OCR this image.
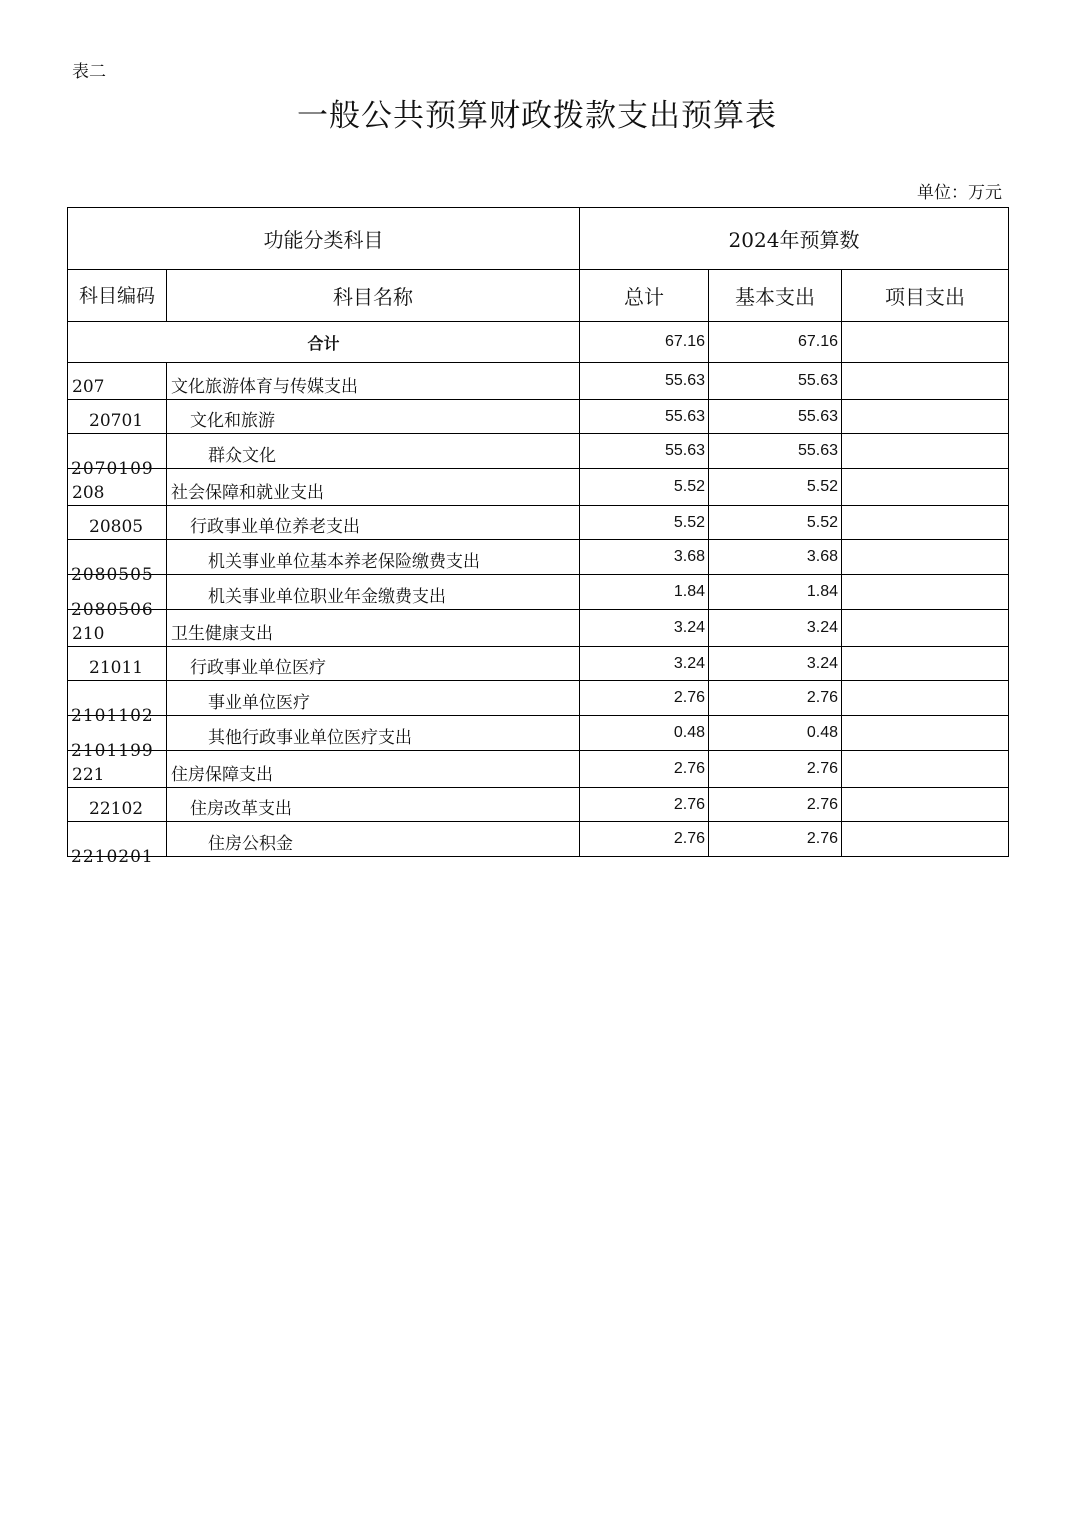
表二
一般公共预算财政拨款支出预算表
单位：万元
功能分类科目		2024年预算数		
科目编码	科目名称	总计	基本支出	项目支出
合计		67.16	67.16	
207	文化旅游体育与传媒支出	55.63	55.63	
20701	文化和旅游	55.63	55.63	
2070109	群众文化	55.63	55.63	
208	社会保障和就业支出	5.52	5.52	
20805	行政事业单位养老支出	5.52	5.52	
2080505	机关事业单位基本养老保险缴费支出	3.68	3.68	
2080506	机关事业单位职业年金缴费支出	1.84	1.84	
210	卫生健康支出	3.24	3.24	
21011	行政事业单位医疗	3.24	3.24	
2101102	事业单位医疗	2.76	2.76	
2101199	其他行政事业单位医疗支出	0.48	0.48	
221	住房保障支出	2.76	2.76	
22102	住房改革支出	2.76	2.76	
2210201	住房公积金	2.76	2.76	
